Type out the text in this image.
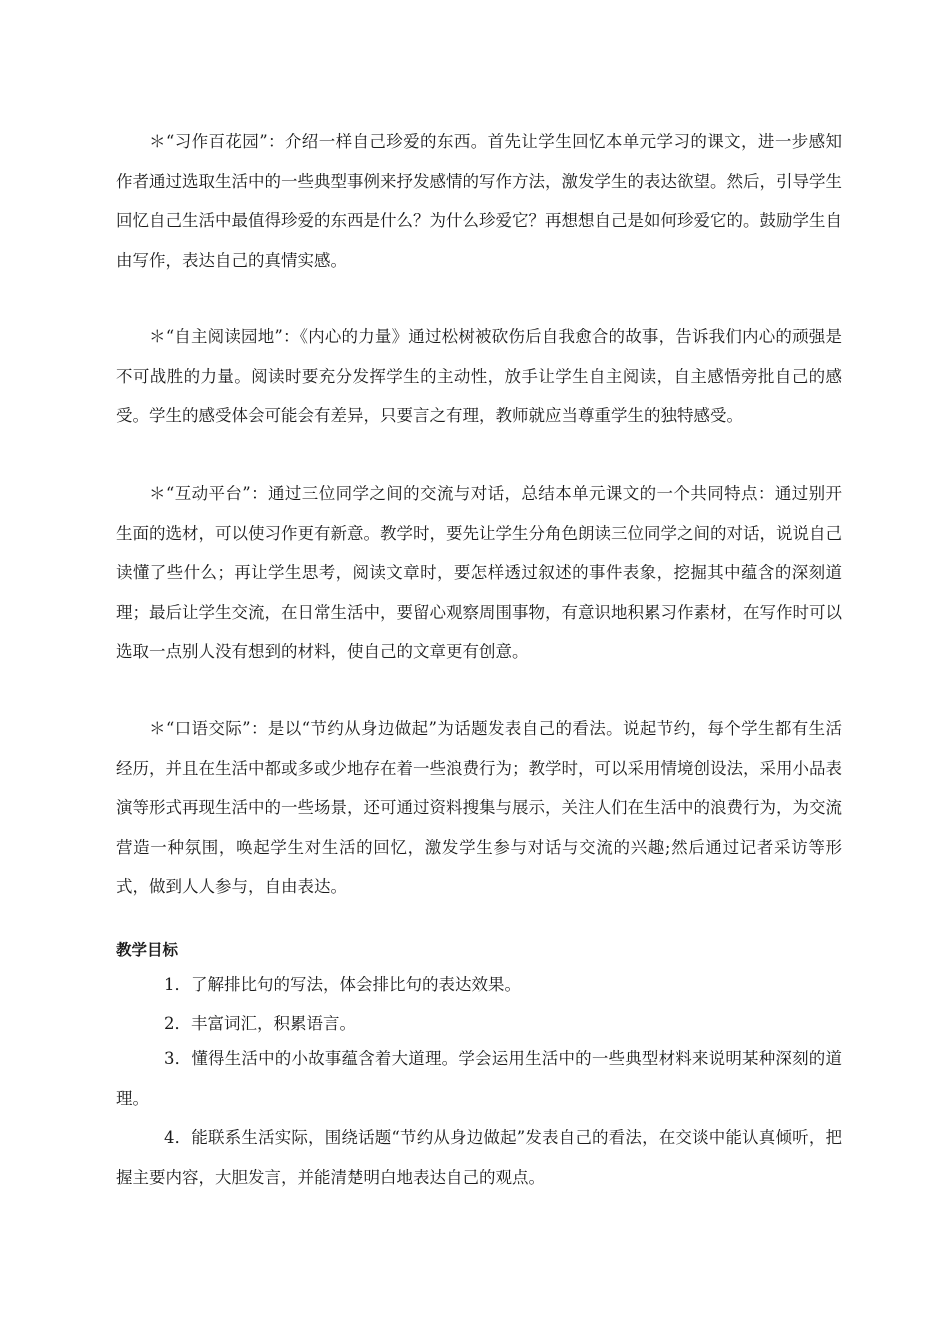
＊“习作百花园”：介绍一样自己珍爱的东西。首先让学生回忆本单元学习的课文，进一步感知作者通过选取生活中的一些典型事例来抒发感情的写作方法，激发学生的表达欲望。然后，引导学生回忆自己生活中最值得珍爱的东西是什么？为什么珍爱它？再想想自己是如何珍爱它的。鼓励学生自由写作，表达自己的真情实感。

＊“自主阅读园地”：《内心的力量》通过松树被砍伤后自我愈合的故事，告诉我们内心的顽强是不可战胜的力量。阅读时要充分发挥学生的主动性，放手让学生自主阅读，自主感悟旁批自己的感受。学生的感受体会可能会有差异，只要言之有理，教师就应当尊重学生的独特感受。

＊“互动平台”：通过三位同学之间的交流与对话，总结本单元课文的一个共同特点：通过别开生面的选材，可以使习作更有新意。教学时，要先让学生分角色朗读三位同学之间的对话，说说自己读懂了些什么；再让学生思考，阅读文章时，要怎样透过叙述的事件表象，挖掘其中蕴含的深刻道理；最后让学生交流，在日常生活中，要留心观察周围事物，有意识地积累习作素材，在写作时可以选取一点别人没有想到的材料，使自己的文章更有创意。

＊“口语交际”：是以“节约从身边做起”为话题发表自己的看法。说起节约，每个学生都有生活经历，并且在生活中都或多或少地存在着一些浪费行为；教学时，可以采用情境创设法，采用小品表演等形式再现生活中的一些场景，还可通过资料搜集与展示，关注人们在生活中的浪费行为，为交流营造一种氛围，唤起学生对生活的回忆，激发学生参与对话与交流的兴趣;然后通过记者采访等形式，做到人人参与，自由表达。

教学目标

1．了解排比句的写法，体会排比句的表达效果。

2．丰富词汇，积累语言。

3．懂得生活中的小故事蕴含着大道理。学会运用生活中的一些典型材料来说明某种深刻的道理。

4．能联系生活实际，围绕话题“节约从身边做起”发表自己的看法，在交谈中能认真倾听，把握主要内容，大胆发言，并能清楚明白地表达自己的观点。
